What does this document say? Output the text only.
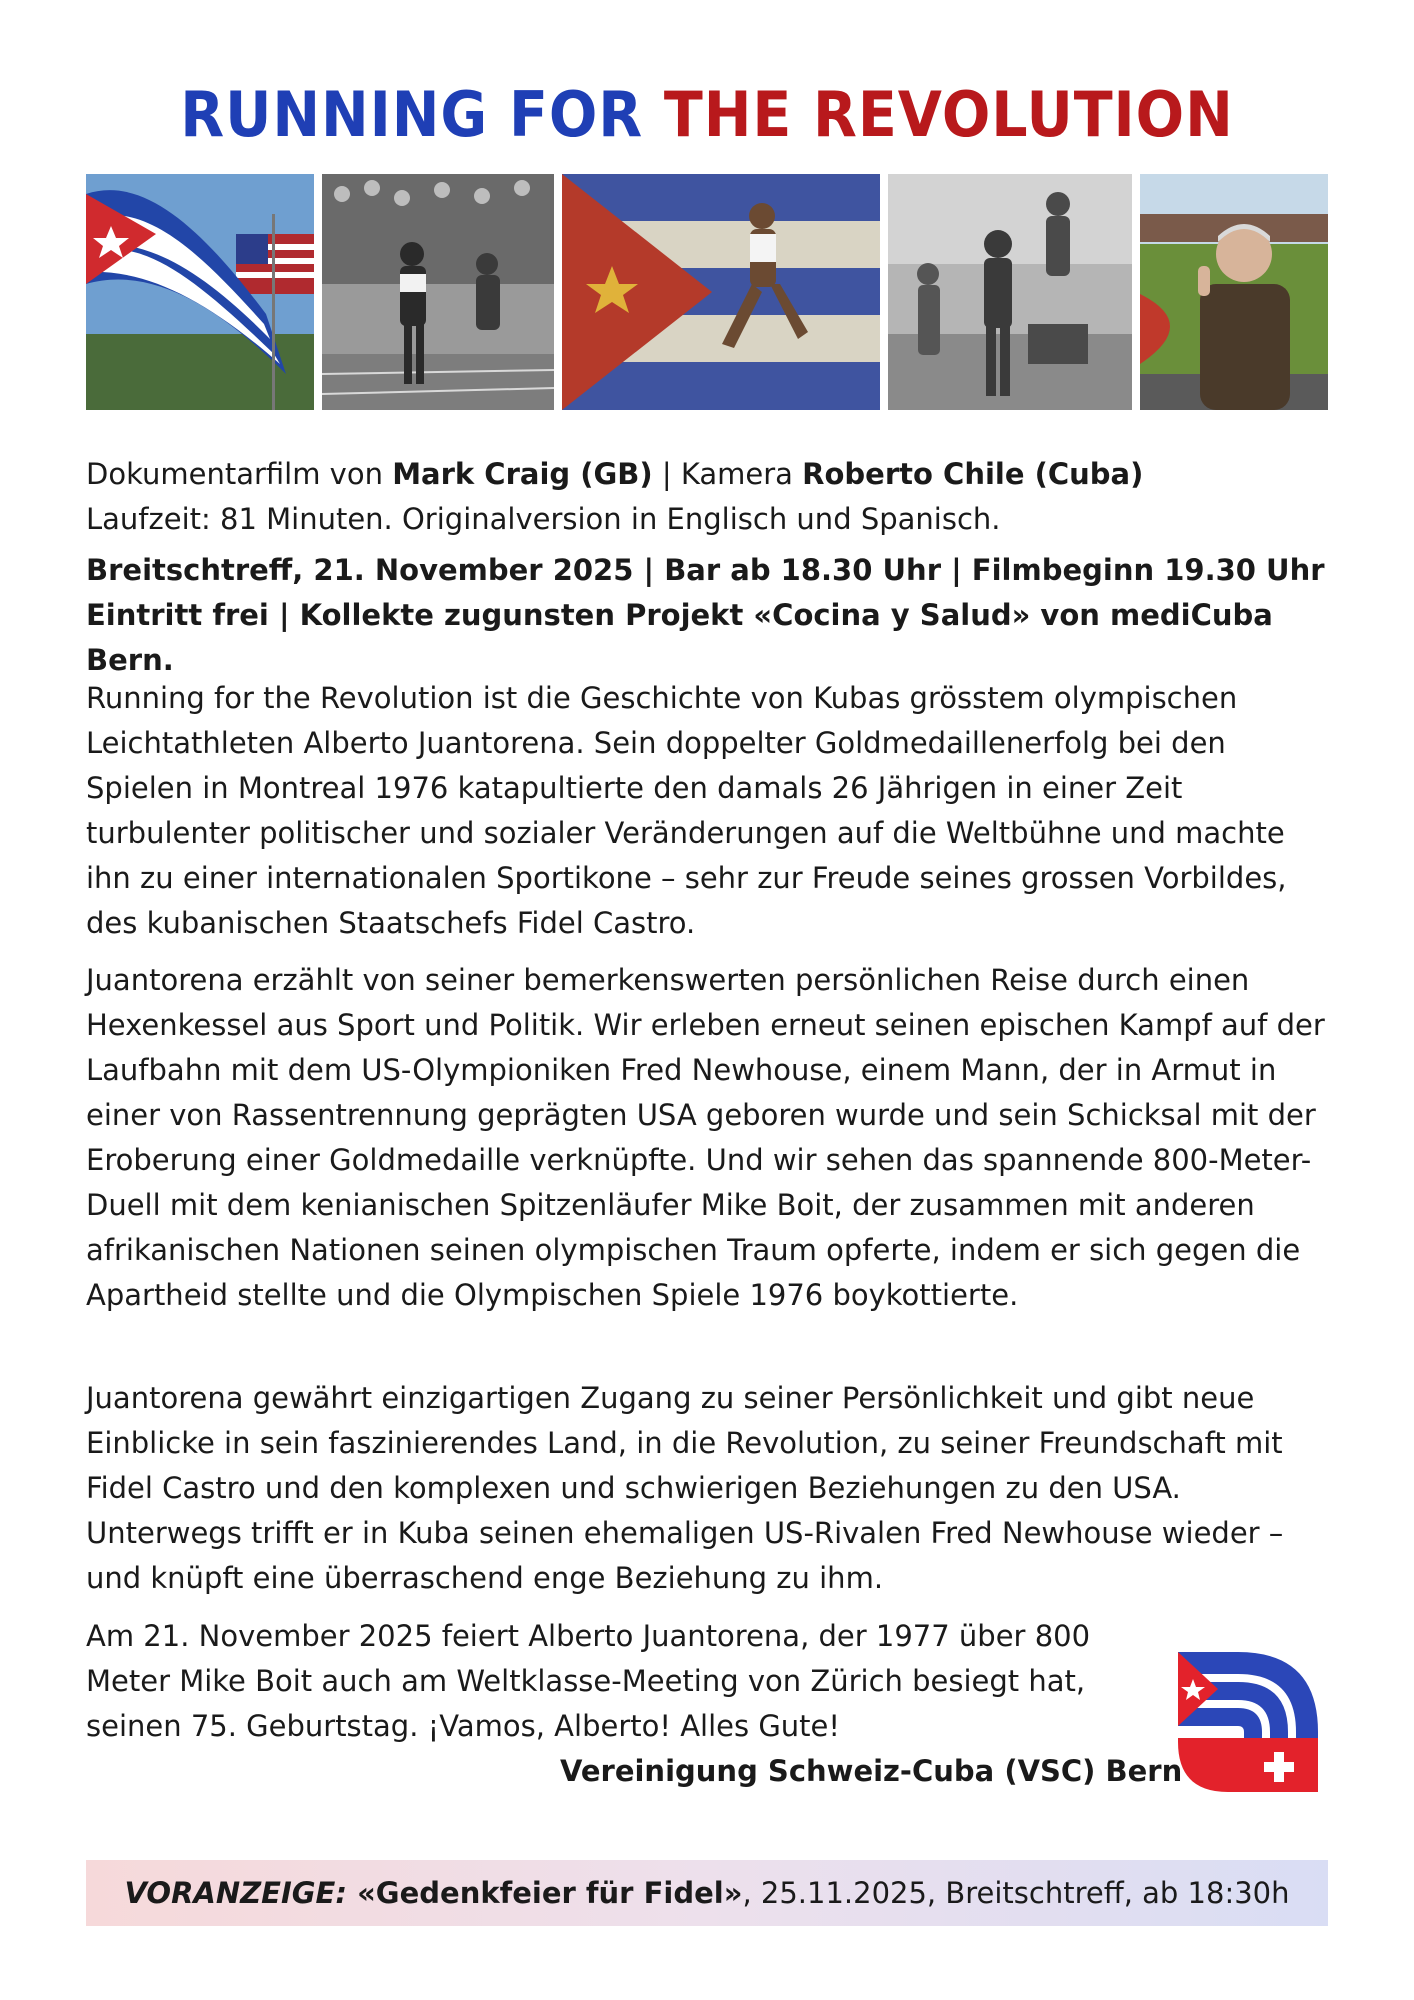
RUNNING FOR THE REVOLUTION
Dokumentarfilm von Mark Craig (GB) | Kamera Roberto Chile (Cuba)
Laufzeit: 81 Minuten. Originalversion in Englisch und Spanisch.
Breitschtreff, 21. November 2025 | Bar ab 18.30 Uhr | Filmbeginn 19.30 Uhr
Eintritt frei | Kollekte zugunsten Projekt «Cocina y Salud» von mediCuba Bern.
Running for the Revolution ist die Geschichte von Kubas grösstem olympischen Leichtathleten Alberto Juantorena. Sein doppelter Goldmedaillenerfolg bei den Spielen in Montreal 1976 katapultierte den damals 26 Jährigen in einer Zeit turbulenter politischer und sozialer Veränderungen auf die Weltbühne und machte ihn zu einer internationalen Sportikone – sehr zur Freude seines grossen Vorbildes, des kubanischen Staatschefs Fidel Castro.
Juantorena erzählt von seiner bemerkenswerten persönlichen Reise durch einen Hexenkessel aus Sport und Politik. Wir erleben erneut seinen epischen Kampf auf der Laufbahn mit dem US-Olympioniken Fred Newhouse, einem Mann, der in Armut in einer von Rassentrennung geprägten USA geboren wurde und sein Schicksal mit der Eroberung einer Goldmedaille verknüpfte. Und wir sehen das spannende 800-Meter-Duell mit dem kenianischen Spitzenläufer Mike Boit, der zusammen mit anderen afrikanischen Nationen seinen olympischen Traum opferte, indem er sich gegen die Apartheid stellte und die Olympischen Spiele 1976 boykottierte.
Juantorena gewährt einzigartigen Zugang zu seiner Persönlichkeit und gibt neue Einblicke in sein faszinierendes Land, in die Revolution, zu seiner Freundschaft mit Fidel Castro und den komplexen und schwierigen Beziehungen zu den USA. Unterwegs trifft er in Kuba seinen ehemaligen US-Rivalen Fred Newhouse wieder – und knüpft eine überraschend enge Beziehung zu ihm.
Am 21. November 2025 feiert Alberto Juantorena, der 1977 über 800 Meter Mike Boit auch am Weltklasse-Meeting von Zürich besiegt hat, seinen 75. Geburtstag. ¡Vamos, Alberto! Alles Gute!
Vereinigung Schweiz-Cuba (VSC) Bern
VORANZEIGE: «Gedenkfeier für Fidel», 25.11.2025, Breitschtreff, ab 18:30h
